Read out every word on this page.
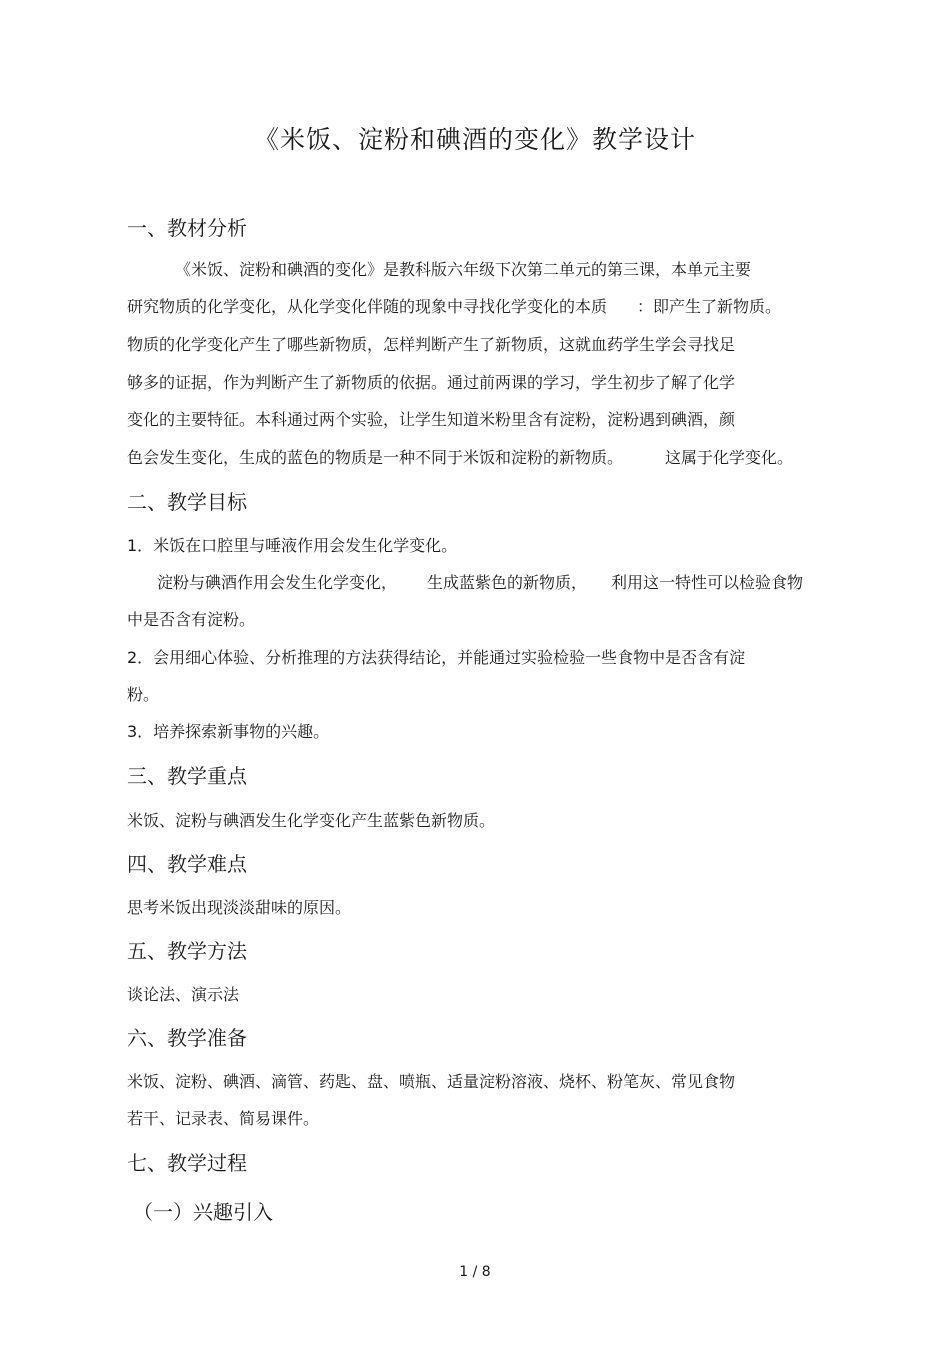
《米饭、淀粉和碘酒的变化》教学设计
一、教材分析
《米饭、淀粉和碘酒的变化》是教科版六年级下次第二单元的第三课，本单元主要
研究物质的化学变化，从化学变化伴随的现象中寻找化学变化的本质 ：即产生了新物质。
物质的化学变化产生了哪些新物质，怎样判断产生了新物质，这就血药学生学会寻找足
够多的证据，作为判断产生了新物质的依据。通过前两课的学习，学生初步了解了化学
变化的主要特征。本科通过两个实验，让学生知道米粉里含有淀粉，淀粉遇到碘酒，颜
色会发生变化，生成的蓝色的物质是一种不同于米饭和淀粉的新物质。	这属于化学变化。
二、教学目标
1．米饭在口腔里与唾液作用会发生化学变化。
淀粉与碘酒作用会发生化学变化， 生成蓝紫色的新物质， 利用这一特性可以检验食物
中是否含有淀粉。
2．会用细心体验、分析推理的方法获得结论，并能通过实验检验一些食物中是否含有淀
粉。
3．培养探索新事物的兴趣。
三、教学重点
米饭、淀粉与碘酒发生化学变化产生蓝紫色新物质。
四、教学难点
思考米饭出现淡淡甜味的原因。
五、教学方法
谈论法、演示法
六、教学准备
米饭、淀粉、碘酒、滴管、药匙、盘、喷瓶、适量淀粉溶液、烧杯、粉笔灰、常见食物
若干、记录表、简易课件。
七、教学过程
（一）兴趣引入
1 / 8
